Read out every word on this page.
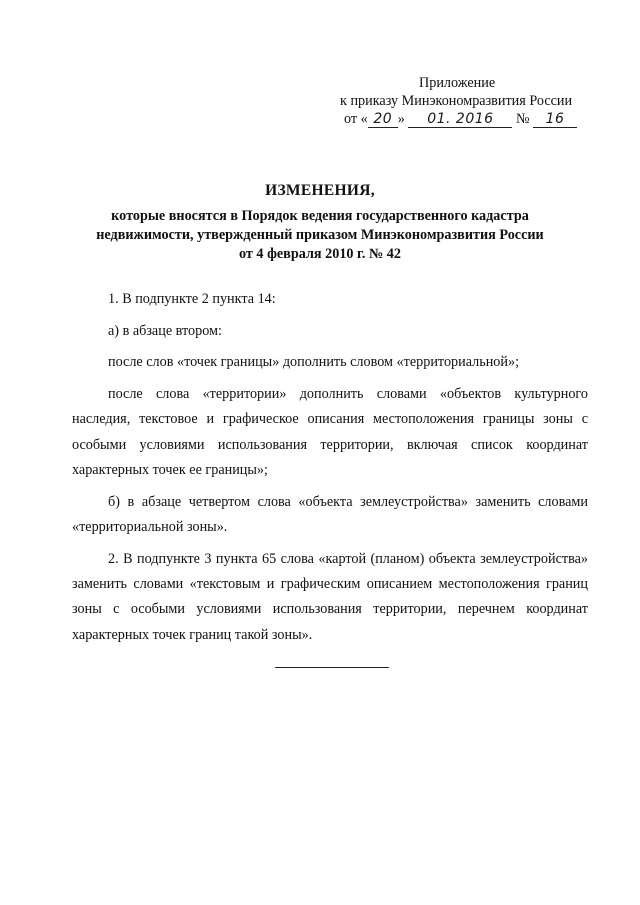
Приложение
к приказу Минэкономразвития России
от « 20 » 01. 2016 № 16
ИЗМЕНЕНИЯ,
которые вносятся в Порядок ведения государственного кадастра
недвижимости, утвержденный приказом Минэкономразвития России
от 4 февраля 2010 г. № 42

1. В подпункте 2 пункта 14:

а) в абзаце втором:

после слов «точек границы» дополнить словом «территориальной»;

после слова «территории» дополнить словами «объектов культурного наследия, текстовое и графическое описания местоположения границы зоны с особыми условиями использования территории, включая список координат характерных точек ее границы»;

б) в абзаце четвертом слова «объекта землеустройства» заменить словами «территориальной зоны».

2. В подпункте 3 пункта 65 слова «картой (планом) объекта землеустройства» заменить словами «текстовым и графическим описанием местоположения границ зоны с особыми условиями использования территории, перечнем координат характерных точек границ такой зоны».
